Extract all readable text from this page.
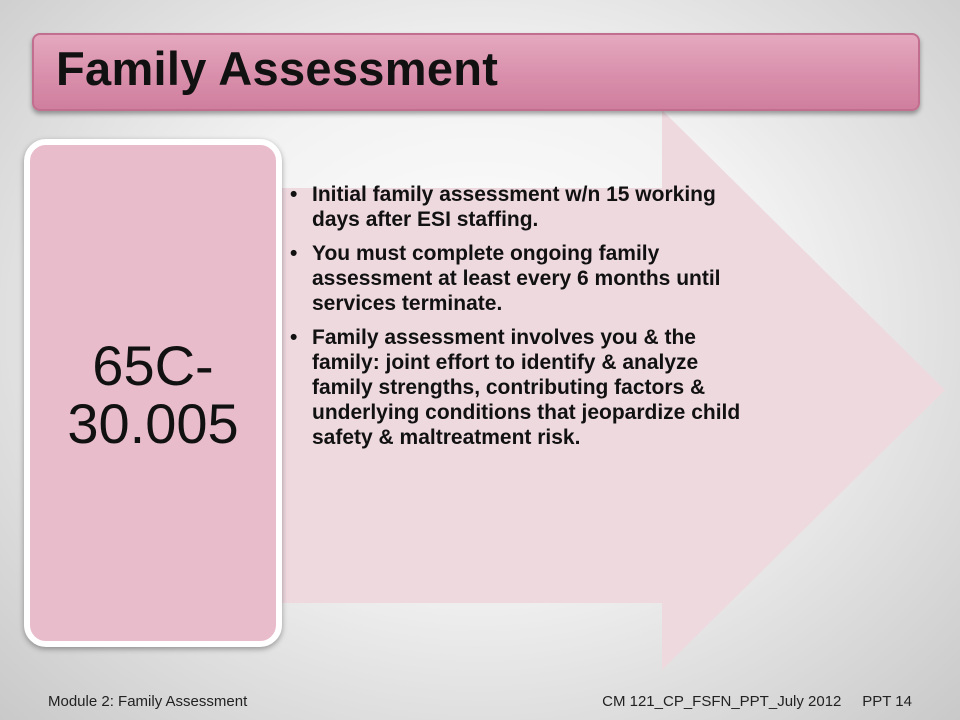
Family Assessment
65C-
30.005
• Initial family assessment w/n 15 working days after ESI staffing.
• You must complete ongoing family assessment at least every 6 months until services terminate.
• Family assessment involves you & the family: joint effort to identify & analyze family strengths, contributing factors & underlying conditions that jeopardize child safety & maltreatment risk.
Module 2: Family Assessment	CM 121_CP_FSFN_PPT_July 2012     PPT 14
